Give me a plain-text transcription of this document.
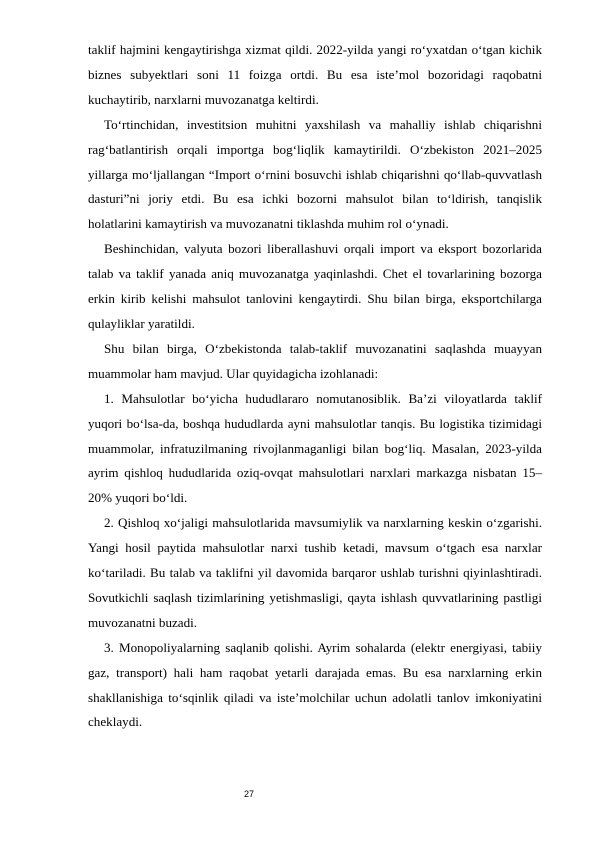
taklif hajmini kengaytirishga xizmat qildi. 2022-yilda yangi ro‘yxatdan o‘tgan kichik biznes subyektlari soni 11 foizga ortdi. Bu esa iste’mol bozoridagi raqobatni kuchaytirib, narxlarni muvozanatga keltirdi.

To‘rtinchidan, investitsion muhitni yaxshilash va mahalliy ishlab chiqarishni rag‘batlantirish orqali importga bog‘liqlik kamaytirildi. O‘zbekiston 2021–2025 yillarga mo‘ljallangan “Import o‘rnini bosuvchi ishlab chiqarishni qo‘llab-quvvatlash dasturi”ni joriy etdi. Bu esa ichki bozorni mahsulot bilan to‘ldirish, tanqislik holatlarini kamaytirish va muvozanatni tiklashda muhim rol o‘ynadi.

Beshinchidan, valyuta bozori liberallashuvi orqali import va eksport bozorlarida talab va taklif yanada aniq muvozanatga yaqinlashdi. Chet el tovarlarining bozorga erkin kirib kelishi mahsulot tanlovini kengaytirdi. Shu bilan birga, eksportchilarga qulayliklar yaratildi.

Shu bilan birga, O‘zbekistonda talab-taklif muvozanatini saqlashda muayyan muammolar ham mavjud. Ular quyidagicha izohlanadi:

1. Mahsulotlar bo‘yicha hududlararo nomutanosiblik. Ba’zi viloyatlarda taklif yuqori bo‘lsa-da, boshqa hududlarda ayni mahsulotlar tanqis. Bu logistika tizimidagi muammolar, infratuzilmaning rivojlanmaganligi bilan bog‘liq. Masalan, 2023-yilda ayrim qishloq hududlarida oziq-ovqat mahsulotlari narxlari markazga nisbatan 15–20% yuqori bo‘ldi.

2. Qishloq xo‘jaligi mahsulotlarida mavsumiylik va narxlarning keskin o‘zgarishi. Yangi hosil paytida mahsulotlar narxi tushib ketadi, mavsum o‘tgach esa narxlar ko‘tariladi. Bu talab va taklifni yil davomida barqaror ushlab turishni qiyinlashtiradi. Sovutkichli saqlash tizimlarining yetishmasligi, qayta ishlash quvvatlarining pastligi muvozanatni buzadi.

3. Monopoliyalarning saqlanib qolishi. Ayrim sohalarda (elektr energiyasi, tabiiy gaz, transport) hali ham raqobat yetarli darajada emas. Bu esa narxlarning erkin shakllanishiga to‘sqinlik qiladi va iste’molchilar uchun adolatli tanlov imkoniyatini cheklaydi.

27
